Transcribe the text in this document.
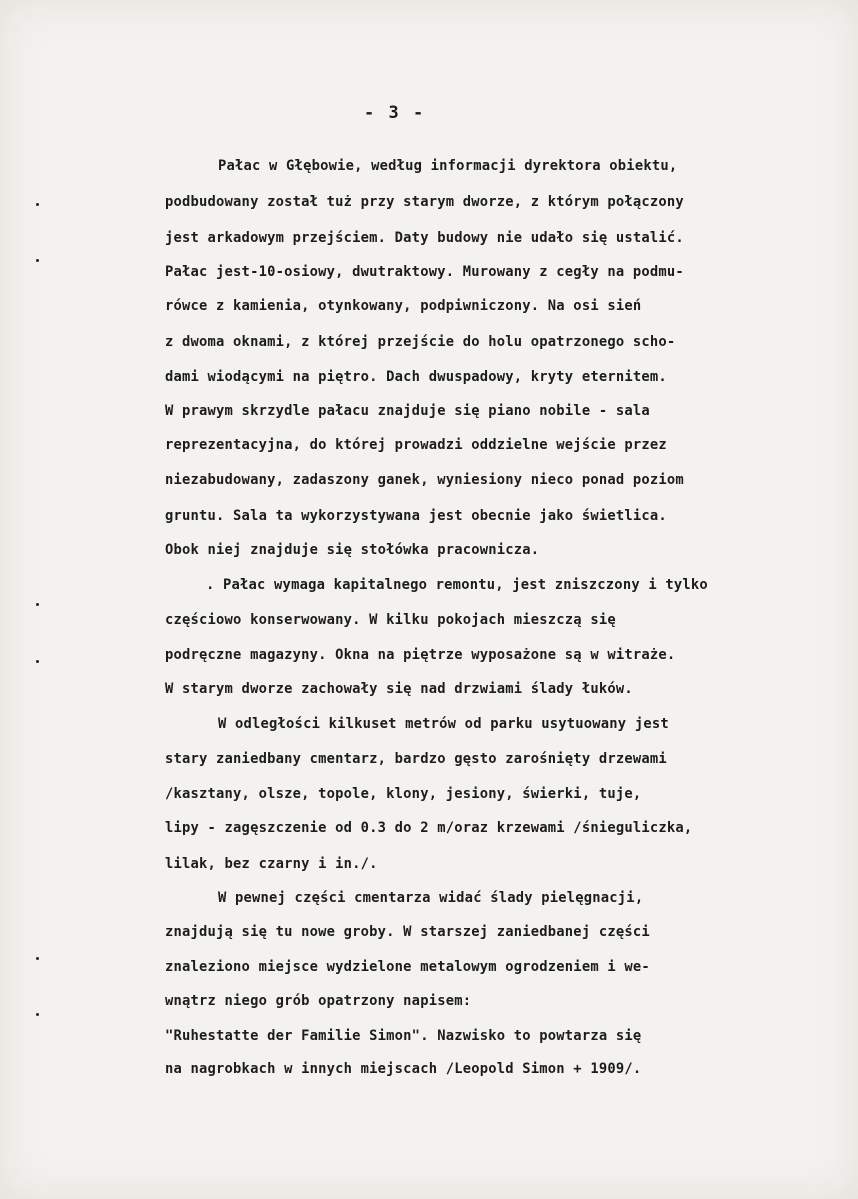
- 3 -
Pałac w Głębowie, według informacji dyrektora obiektu,
podbudowany został tuż przy starym dworze, z którym połączony
jest arkadowym przejściem. Daty budowy nie udało się ustalić.
Pałac jest-10-osiowy, dwutraktowy. Murowany z cegły na podmu-
rówce z kamienia, otynkowany, podpiwniczony. Na osi sień
z dwoma oknami, z której przejście do holu opatrzonego scho-
dami wiodącymi na piętro. Dach dwuspadowy, kryty eternitem.
W prawym skrzydle pałacu znajduje się piano nobile - sala
reprezentacyjna, do której prowadzi oddzielne wejście przez
niezabudowany, zadaszony ganek, wyniesiony nieco ponad poziom
gruntu. Sala ta wykorzystywana jest obecnie jako świetlica.
Obok niej znajduje się stołówka pracownicza.
. Pałac wymaga kapitalnego remontu, jest zniszczony i tylko
częściowo konserwowany. W kilku pokojach mieszczą się
podręczne magazyny. Okna na piętrze wyposażone są w witraże.
W starym dworze zachowały się nad drzwiami ślady łuków.
W odległości kilkuset metrów od parku usytuowany jest
stary zaniedbany cmentarz, bardzo gęsto zarośnięty drzewami
/kasztany, olsze, topole, klony, jesiony, świerki, tuje,
lipy - zagęszczenie od 0.3 do 2 m/oraz krzewami /śnieguliczka,
lilak, bez czarny i in./.
W pewnej części cmentarza widać ślady pielęgnacji,
znajdują się tu nowe groby. W starszej zaniedbanej części
znaleziono miejsce wydzielone metalowym ogrodzeniem i we-
wnątrz niego grób opatrzony napisem:
"Ruhestatte der Familie Simon". Nazwisko to powtarza się
na nagrobkach w innych miejscach /Leopold Simon + 1909/.
